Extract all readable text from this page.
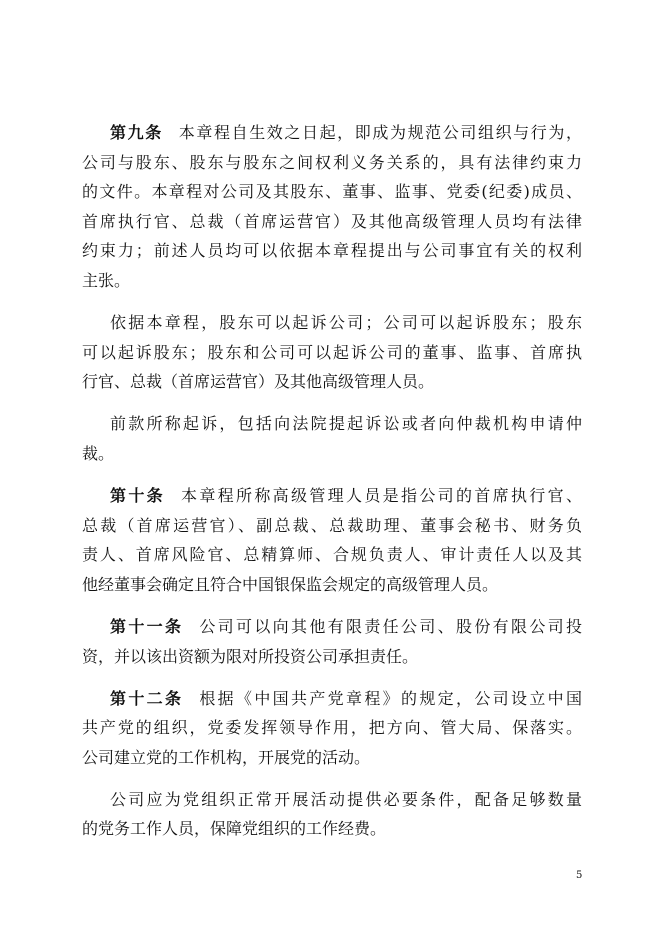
第九条 本章程自生效之日起，即成为规范公司组织与行为，
公司与股东、股东与股东之间权利义务关系的，具有法律约束力
的文件。本章程对公司及其股东、董事、监事、党委(纪委)成员、
首席执行官、总裁（首席运营官）及其他高级管理人员均有法律
约束力；前述人员均可以依据本章程提出与公司事宜有关的权利
主张。
依据本章程，股东可以起诉公司；公司可以起诉股东；股东
可以起诉股东；股东和公司可以起诉公司的董事、监事、首席执
行官、总裁（首席运营官）及其他高级管理人员。
前款所称起诉，包括向法院提起诉讼或者向仲裁机构申请仲
裁。
第十条 本章程所称高级管理人员是指公司的首席执行官、
总裁（首席运营官）、副总裁、总裁助理、董事会秘书、财务负
责人、首席风险官、总精算师、合规负责人、审计责任人以及其
他经董事会确定且符合中国银保监会规定的高级管理人员。
第十一条 公司可以向其他有限责任公司、股份有限公司投
资，并以该出资额为限对所投资公司承担责任。
第十二条 根据《中国共产党章程》的规定，公司设立中国
共产党的组织，党委发挥领导作用，把方向、管大局、保落实。
公司建立党的工作机构，开展党的活动。
公司应为党组织正常开展活动提供必要条件，配备足够数量
的党务工作人员，保障党组织的工作经费。
5
